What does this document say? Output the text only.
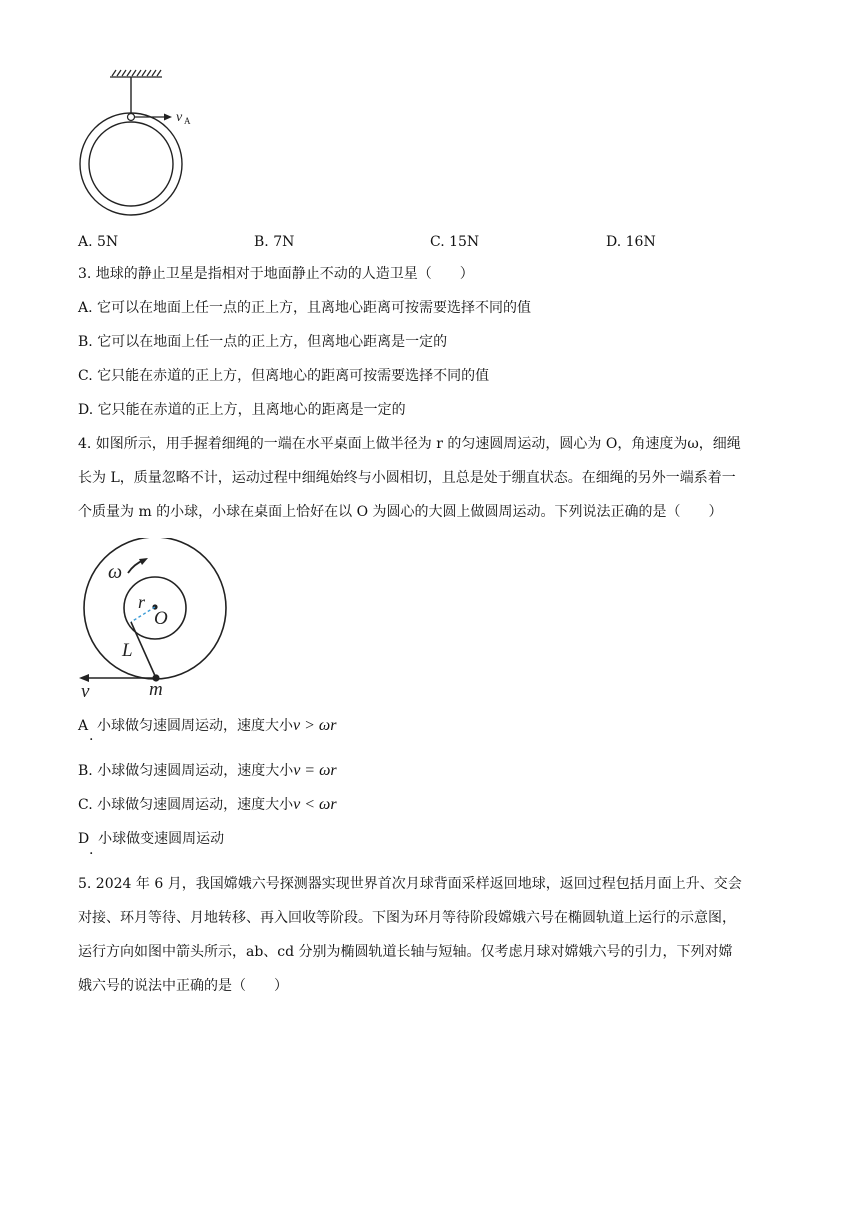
v A
A. 5N	B. 7N	C. 15N	D. 16N
3. 地球的静止卫星是指相对于地面静止不动的人造卫星（　　）
A. 它可以在地面上任一点的正上方，且离地心距离可按需要选择不同的值
B. 它可以在地面上任一点的正上方，但离地心距离是一定的
C. 它只能在赤道的正上方，但离地心的距离可按需要选择不同的值
D. 它只能在赤道的正上方，且离地心的距离是一定的
4. 如图所示，用手握着细绳的一端在水平桌面上做半径为 r 的匀速圆周运动，圆心为 O，角速度为ω，细绳
长为 L，质量忽略不计，运动过程中细绳始终与小圆相切，且总是处于绷直状态。在细绳的另外一端系着一
个质量为 m 的小球，小球在桌面上恰好在以 O 为圆心的大圆上做圆周运动。下列说法正确的是（　　）
ω
r
O
L
v	m
A 小球做匀速圆周运动，速度大小v > ωr
.
B. 小球做匀速圆周运动，速度大小v = ωr
C. 小球做匀速圆周运动，速度大小v < ωr
D 小球做变速圆周运动
.
5. 2024 年 6 月，我国嫦娥六号探测器实现世界首次月球背面采样返回地球，返回过程包括月面上升、交会
对接、环月等待、月地转移、再入回收等阶段。下图为环月等待阶段嫦娥六号在椭圆轨道上运行的示意图，
运行方向如图中箭头所示，ab、cd 分别为椭圆轨道长轴与短轴。仅考虑月球对嫦娥六号的引力，下列对嫦
娥六号的说法中正确的是（　　）
